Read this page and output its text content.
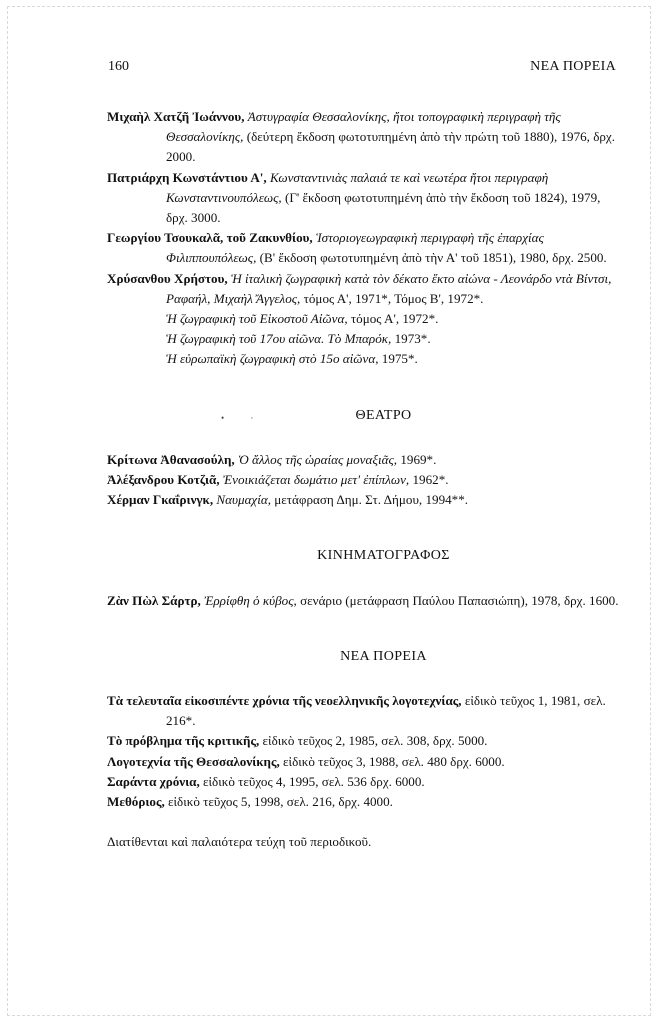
160	ΝΕΑ ΠΟΡΕΙΑ
• ·

Μιχαὴλ Χατζῆ Ἰωάννου, Ἀστυγραφία Θεσσαλονίκης, ἤτοι τοπογραφικὴ περιγραφὴ τῆς Θεσσαλονίκης, (δεύτερη ἔκδοση φωτοτυπημένη ἀπὸ τὴν πρώτη τοῦ 1880), 1976, δρχ. 2000.

Πατριάρχη Κωνστάντιου Α', Κωνσταντινιὰς παλαιά τε καὶ νεωτέρα ἤτοι περιγραφὴ Κωνσταντινουπόλεως, (Γ' ἔκδοση φωτοτυπημένη ἀπὸ τὴν ἔκδοση τοῦ 1824), 1979, δρχ. 3000.

Γεωργίου Τσουκαλᾶ, τοῦ Ζακυνθίου, Ἱστοριογεωγραφικὴ περιγραφὴ τῆς ἐπαρχίας Φιλιππουπόλεως, (Β' ἔκδοση φωτοτυπημένη ἀπὸ τὴν Α' τοῦ 1851), 1980, δρχ. 2500.

Χρύσανθου Χρήστου, Ἡ ἰταλικὴ ζωγραφικὴ κατὰ τὸν δέκατο ἕκτο αἰώνα - Λεονάρδο ντὰ Βίντσι, Ραφαήλ, Μιχαὴλ Ἄγγελος, τόμος Α', 1971*, Τόμος Β', 1972*.

Ἡ ζωγραφικὴ τοῦ Εἰκοστοῦ Αἰῶνα, τόμος Α', 1972*.

Ἡ ζωγραφικὴ τοῦ 17ου αἰῶνα. Τὸ Μπαρόκ, 1973*.

Ἡ εὐρωπαϊκὴ ζωγραφικὴ στὸ 15ο αἰῶνα, 1975*.

ΘΕΑΤΡΟ

Κρίτωνα Ἀθανασούλη, Ὁ ἄλλος τῆς ὡραίας μοναξιᾶς, 1969*.

Ἀλέξανδρου Κοτζιᾶ, Ἐνοικιάζεται δωμάτιο μετ' ἐπίπλων, 1962*.

Χέρμαν Γκαΐρινγκ, Ναυμαχία, μετάφραση Δημ. Στ. Δήμου, 1994**.

ΚΙΝΗΜΑΤΟΓΡΑΦΟΣ

Ζὰν Πὼλ Σάρτρ, Ἐρρίφθη ὁ κύβος, σενάριο (μετάφραση Παύλου Παπασιώπη), 1978, δρχ. 1600.

ΝΕΑ ΠΟΡΕΙΑ

Τὰ τελευταῖα εἰκοσιπέντε χρόνια τῆς νεοελληνικῆς λογοτεχνίας, εἰδικὸ τεῦχος 1, 1981, σελ. 216*.

Τὸ πρόβλημα τῆς κριτικῆς, εἰδικὸ τεῦχος 2, 1985, σελ. 308, δρχ. 5000.

Λογοτεχνία τῆς Θεσσαλονίκης, εἰδικὸ τεῦχος 3, 1988, σελ. 480 δρχ. 6000.

Σαράντα χρόνια, εἰδικὸ τεῦχος 4, 1995, σελ. 536 δρχ. 6000.

Μεθόριος, εἰδικὸ τεῦχος 5, 1998, σελ. 216, δρχ. 4000.

Διατίθενται καὶ παλαιότερα τεύχη τοῦ περιοδικοῦ.
